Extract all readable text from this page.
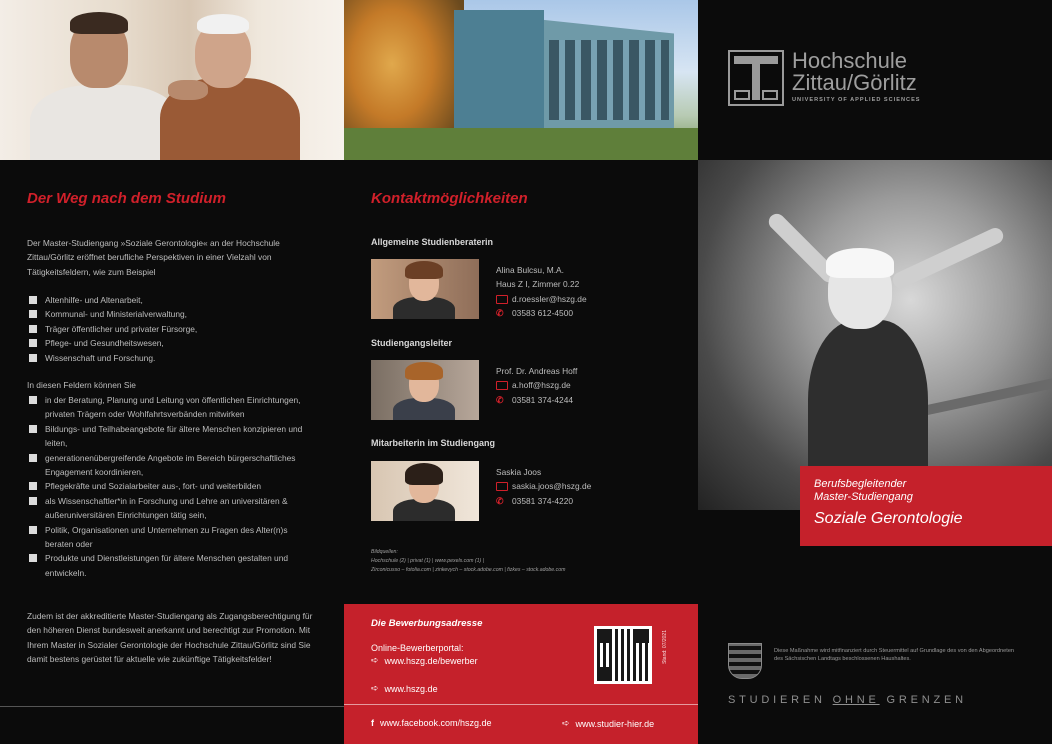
Der Weg nach dem Studium

Der Master-Studiengang »Soziale Gerontologie« an der Hochschule Zittau/Görlitz eröffnet berufliche Perspektiven in einer Vielzahl von Tätigkeitsfeldern, wie zum Beispiel

Altenhilfe- und Altenarbeit,
Kommunal- und Ministerialverwaltung,
Träger öffentlicher und privater Fürsorge,
Pflege- und Gesundheitswesen,
Wissenschaft und Forschung.

In diesen Feldern können Sie

in der Beratung, Planung und Leitung von öffentlichen Einrichtungen, privaten Trägern oder Wohlfahrtsverbänden mitwirken
Bildungs- und Teilhabeangebote für ältere Menschen konzipieren und leiten,
generationenübergreifende Angebote im Bereich bürgerschaftliches Engagement koordinieren,
Pflegekräfte und Sozialarbeiter aus-, fort- und weiterbilden
als Wissenschaftler*in in Forschung und Lehre an universitären & außeruniversitären Einrichtungen tätig sein,
Politik, Organisationen und Unternehmen zu Fragen des Alter(n)s beraten oder
Produkte und Dienstleistungen für ältere Menschen gestalten und entwickeln.

Zudem ist der akkreditierte Master-Studiengang als Zugangsberechtigung für den höheren Dienst bundesweit anerkannt und berechtigt zur Promotion. Mit Ihrem Master in Sozialer Gerontologie der Hochschule Zittau/Görlitz sind Sie damit bestens gerüstet für aktuelle wie zukünftige Tätigkeitsfelder!

Kontaktmöglichkeiten
Allgemeine Studienberaterin
Alina Bulcsu, M.A.
Haus Z I, Zimmer 0.22
d.roessler@hszg.de
✆	03583 612-4500
Studiengangsleiter
Prof. Dr. Andreas Hoff
a.hoff@hszg.de
✆	03581 374-4244
Mitarbeiterin im Studiengang
Saskia Joos
saskia.joos@hszg.de
✆	03581 374-4220
Bildquellen:
Hochschule (2) | privat (1) | www.pexels.com (1) |
Zirconicusso – fotolia.com | zinkevych – stock.adobe.com | fizkes – stock.adobe.com
Die Bewerbungsadresse
Online-Bewerberportal:
➪ www.hszg.de/bewerber
➪ www.hszg.de
Stand: 07/2021
f www.facebook.com/hszg.de	➪ www.studier-hier.de
Hochschule
Zittau/Görlitz
UNIVERSITY OF APPLIED SCIENCES
Berufsbegleitender
Master-Studiengang
Soziale Gerontologie

Diese Maßnahme wird mitfinanziert durch Steuermittel auf Grundlage des von den Abgeordneten des Sächsischen Landtags beschlossenen Haushaltes.

STUDIEREN OHNE GRENZEN
